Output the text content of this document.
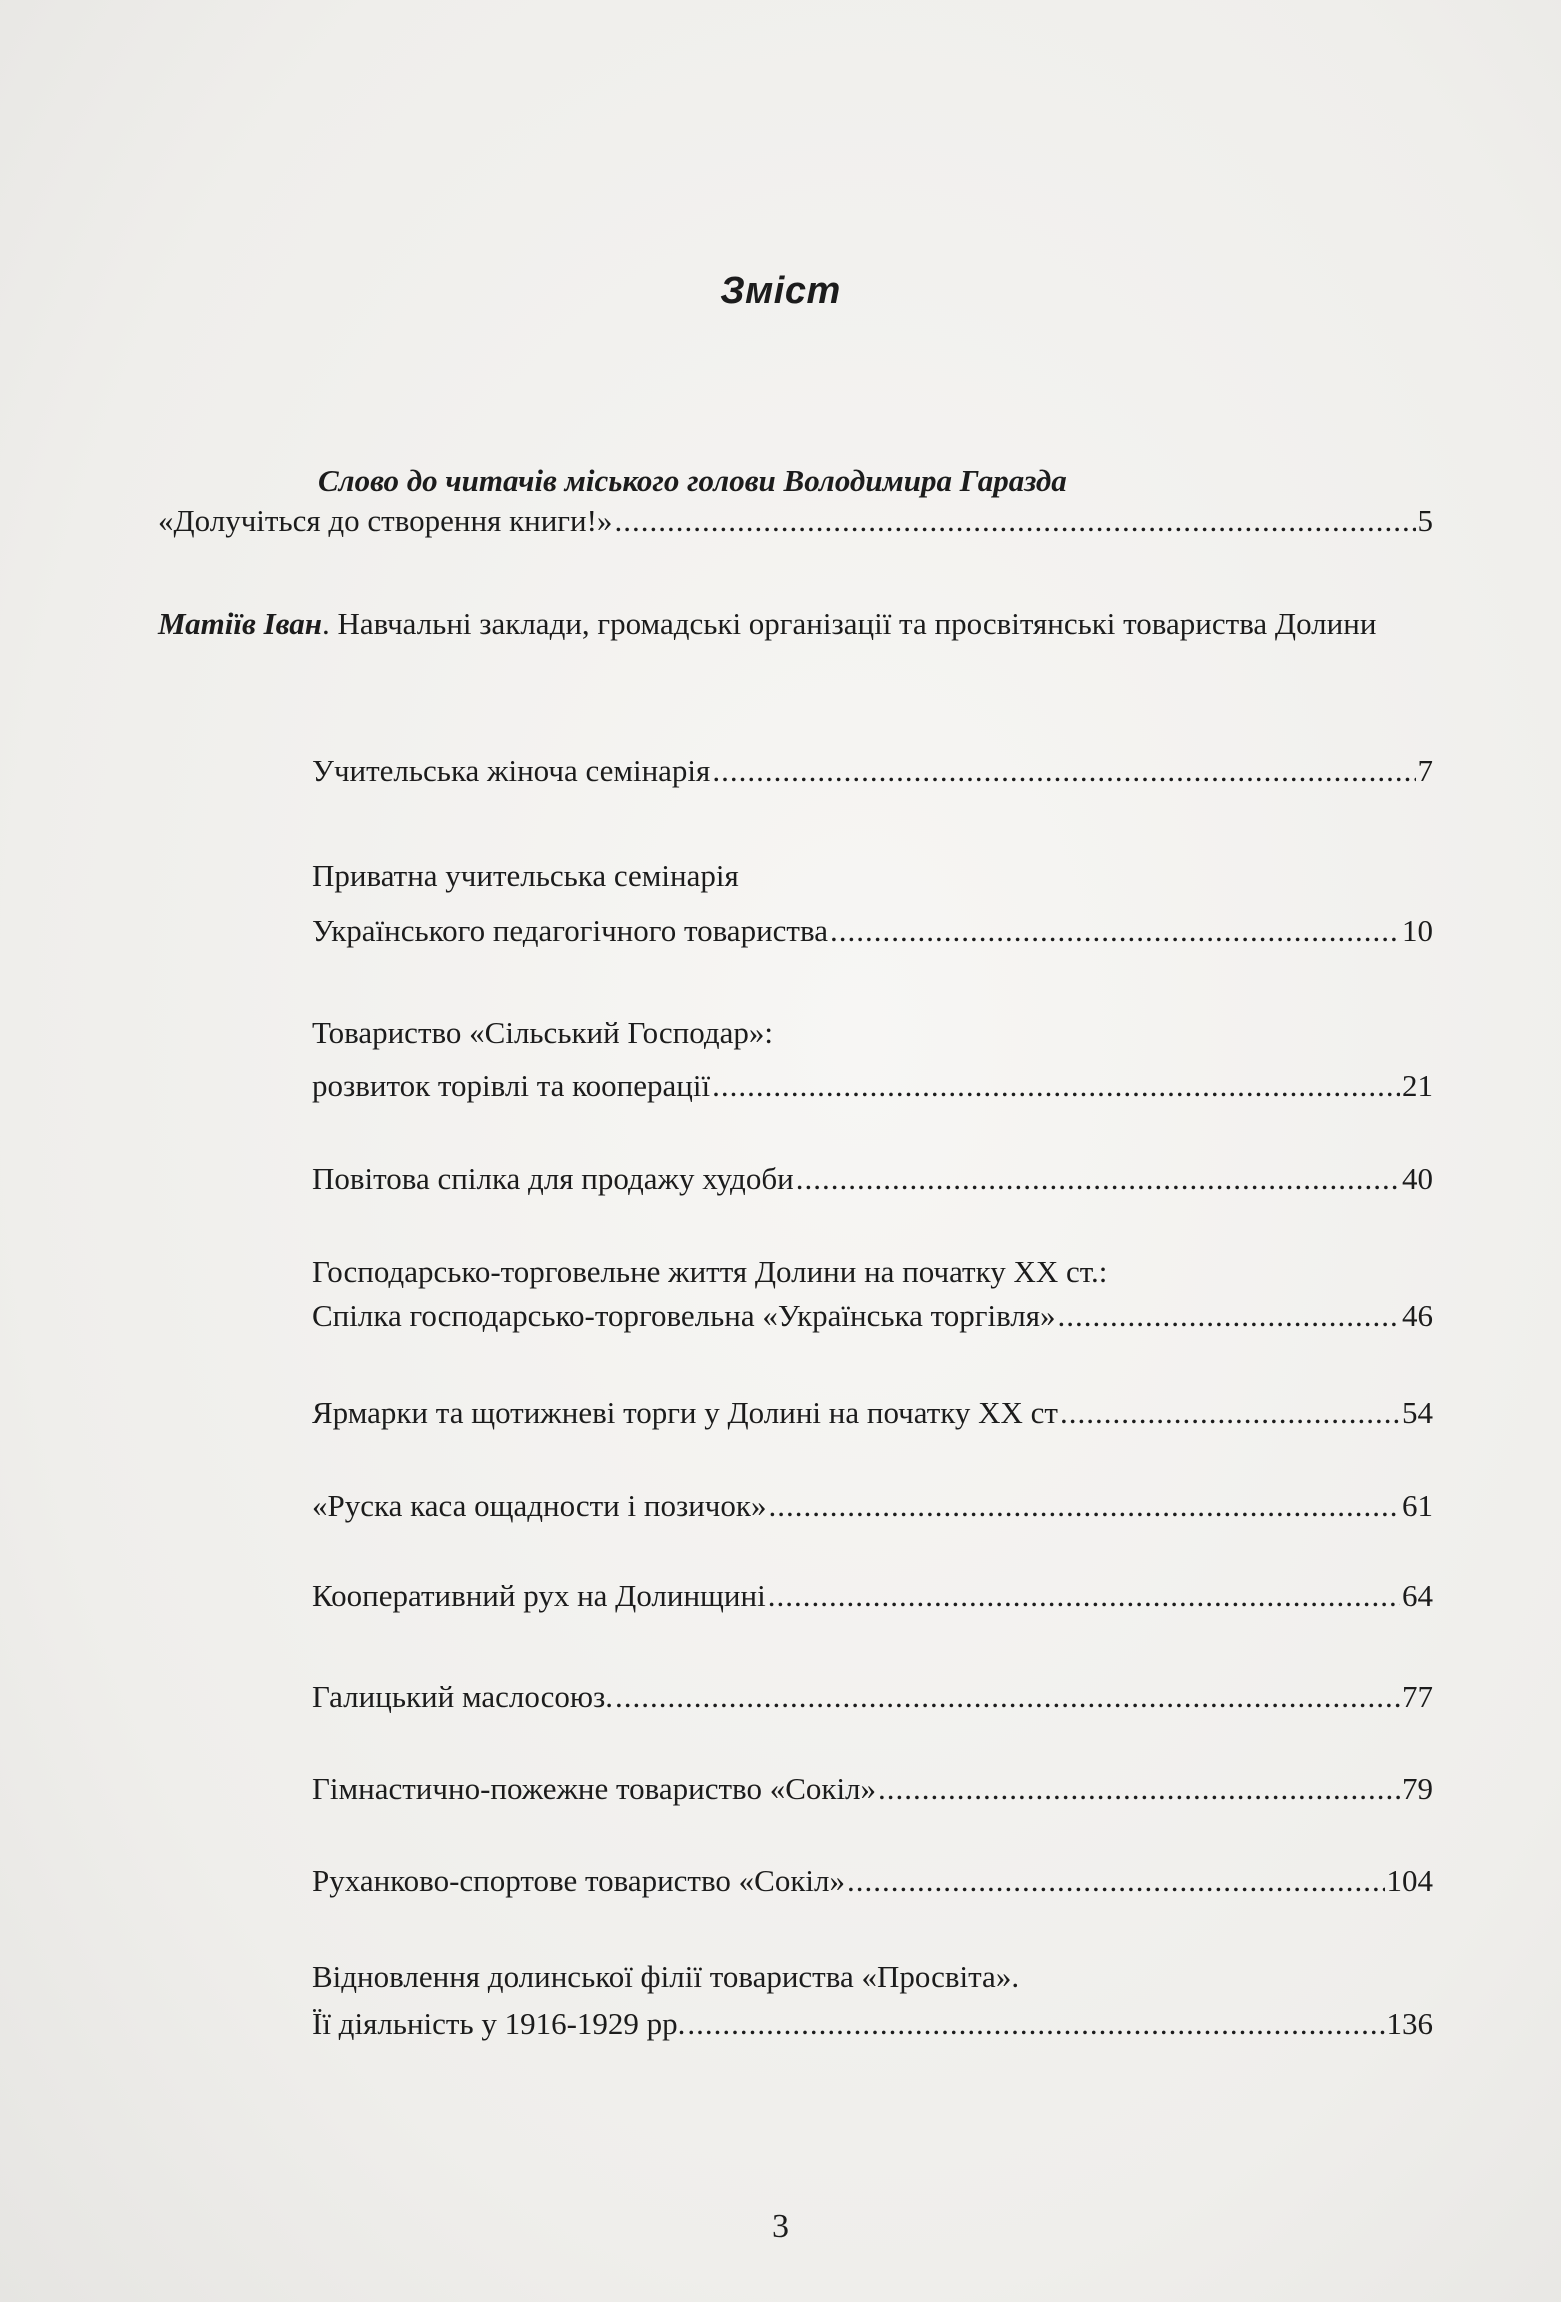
Зміст
Слово до читачів міського голови Володимира Гаразда
«Долучіться до створення книги!» .....	5
Матіїв Іван. Навчальні заклади, громадські організації та просвітянські товариства Долини
Учительська жіноча семінарія .....	7
Приватна учительська семінарія
Українського педагогічного товариства .....	10
Товариство «Сільський Господар»:
розвиток торівлі та кооперації .....	21
Повітова спілка для продажу худоби .....	40
Господарсько-торговельне життя Долини на початку ХХ ст.:
Спілка господарсько-торговельна «Українська торгівля» .....	46
Ярмарки та щотижневі торги у Долині на початку ХХ ст .....	54
«Руска каса ощадности і позичок» .....	61
Кооперативний рух на Долинщині .....	64
Галицький маслосоюз. .....	77
Гімнастично-пожежне товариство «Сокіл» .....	79
Руханково-спортове товариство «Сокіл» .....	104
Відновлення долинської філії товариства «Просвіта».
Її діяльність у 1916-1929 рр. .....	136
3
